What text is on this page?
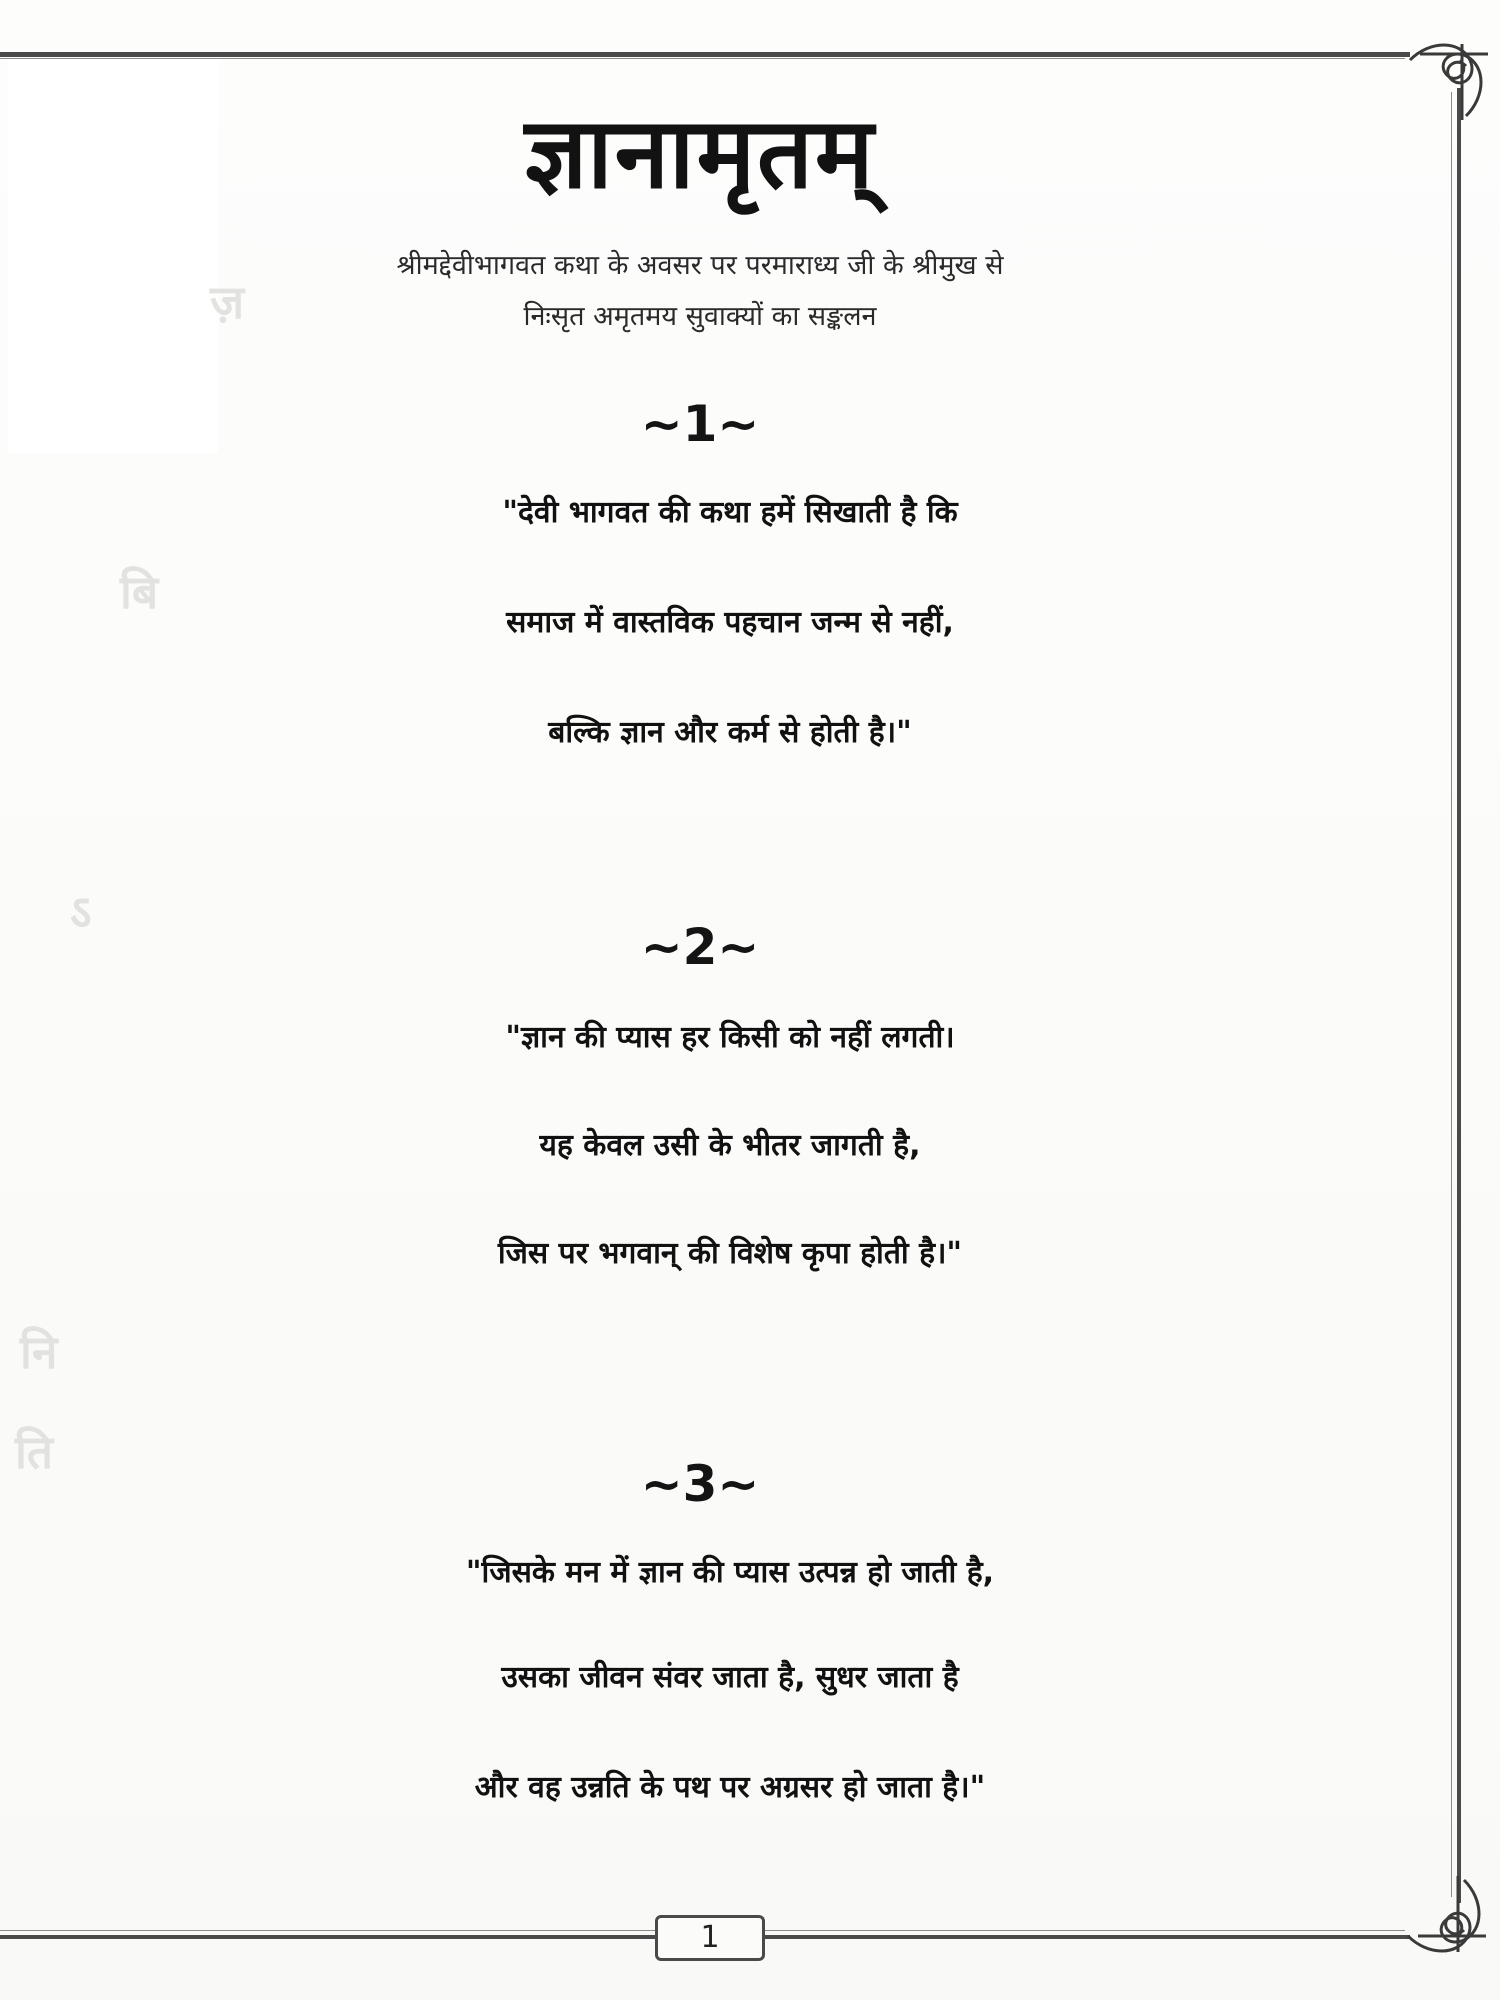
ज़
बि
ऽ
नि
ति
ज्ञानामृतम्
श्रीमद्देवीभागवत कथा के अवसर पर परमाराध्य जी के श्रीमुख से
निःसृत अमृतमय सुवाक्यों का सङ्कलन
~1~
"देवी भागवत की कथा हमें सिखाती है कि
समाज में वास्तविक पहचान जन्म से नहीं,
बल्कि ज्ञान और कर्म से होती है।"
~2~
"ज्ञान की प्यास हर किसी को नहीं लगती।
यह केवल उसी के भीतर जागती है,
जिस पर भगवान् की विशेष कृपा होती है।"
~3~
"जिसके मन में ज्ञान की प्यास उत्पन्न हो जाती है,
उसका जीवन संवर जाता है, सुधर जाता है
और वह उन्नति के पथ पर अग्रसर हो जाता है।"
1
